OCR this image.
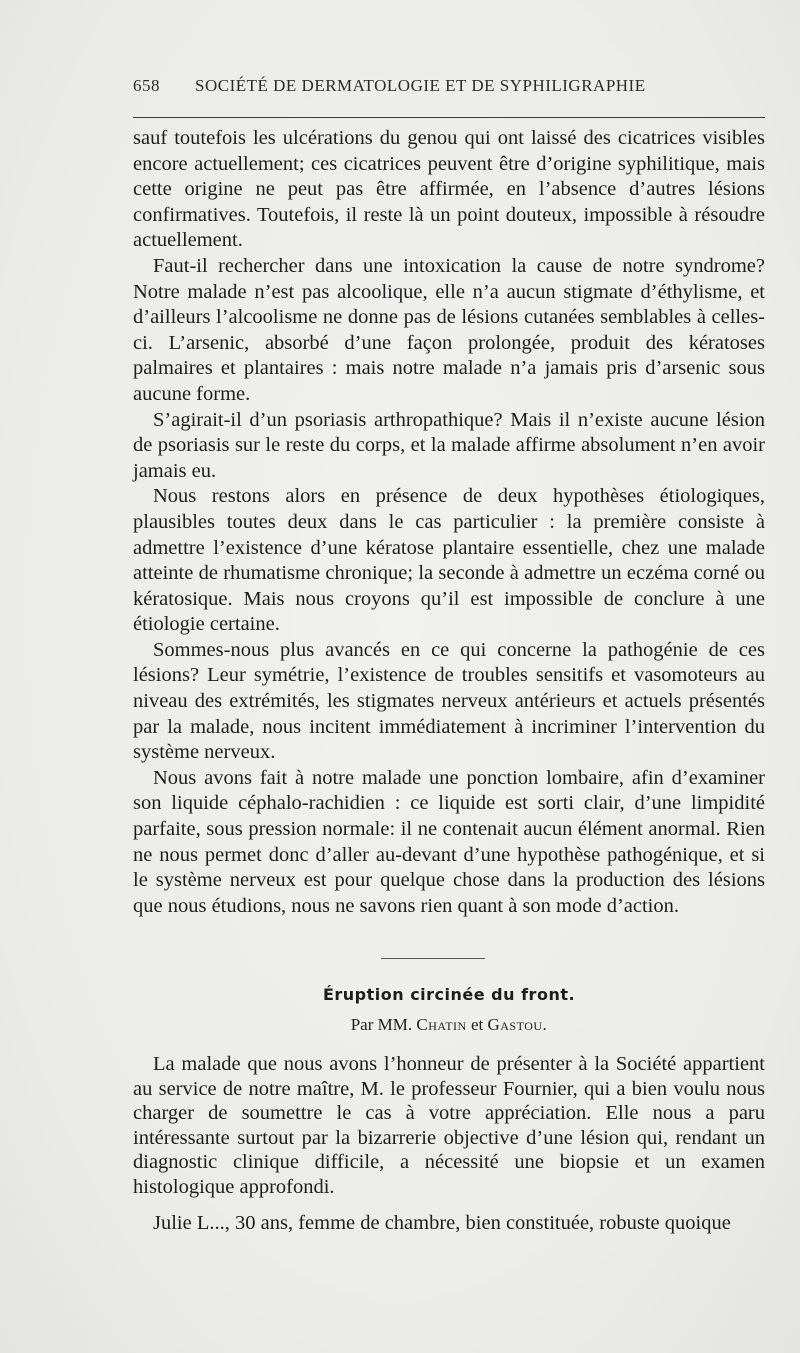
658	SOCIÉTÉ DE DERMATOLOGIE ET DE SYPHILIGRAPHIE

sauf toutefois les ulcérations du genou qui ont laissé des cicatrices visibles encore actuellement; ces cicatrices peuvent être d’origine syphilitique, mais cette origine ne peut pas être affirmée, en l’absence d’autres lésions confirmatives. Toutefois, il reste là un point douteux, impossible à résoudre actuellement.

Faut-il rechercher dans une intoxication la cause de notre syndrome? Notre malade n’est pas alcoolique, elle n’a aucun stigmate d’éthylisme, et d’ailleurs l’alcoolisme ne donne pas de lésions cutanées semblables à celles-ci. L’arsenic, absorbé d’une façon prolongée, produit des kératoses palmaires et plantaires : mais notre malade n’a jamais pris d’arsenic sous aucune forme.

S’agirait-il d’un psoriasis arthropathique? Mais il n’existe aucune lésion de psoriasis sur le reste du corps, et la malade affirme absolument n’en avoir jamais eu.

Nous restons alors en présence de deux hypothèses étiologiques, plausibles toutes deux dans le cas particulier : la première consiste à admettre l’existence d’une kératose plantaire essentielle, chez une malade atteinte de rhumatisme chronique; la seconde à admettre un eczéma corné ou kératosique. Mais nous croyons qu’il est impossible de conclure à une étiologie certaine.

Sommes-nous plus avancés en ce qui concerne la pathogénie de ces lésions? Leur symétrie, l’existence de troubles sensitifs et vasomoteurs au niveau des extrémités, les stigmates nerveux antérieurs et actuels présentés par la malade, nous incitent immédiatement à incriminer l’intervention du système nerveux.

Nous avons fait à notre malade une ponction lombaire, afin d’examiner son liquide céphalo-rachidien : ce liquide est sorti clair, d’une limpidité parfaite, sous pression normale: il ne contenait aucun élément anormal. Rien ne nous permet donc d’aller au-devant d’une hypothèse pathogénique, et si le système nerveux est pour quelque chose dans la production des lésions que nous étudions, nous ne savons rien quant à son mode d’action.

Éruption circinée du front.
Par MM. Chatin et Gastou.

La malade que nous avons l’honneur de présenter à la Société appartient au service de notre maître, M. le professeur Fournier, qui a bien voulu nous charger de soumettre le cas à votre appréciation. Elle nous a paru intéressante surtout par la bizarrerie objective d’une lésion qui, rendant un diagnostic clinique difficile, a nécessité une biopsie et un examen histologique approfondi.

Julie L..., 30 ans, femme de chambre, bien constituée, robuste quoique
